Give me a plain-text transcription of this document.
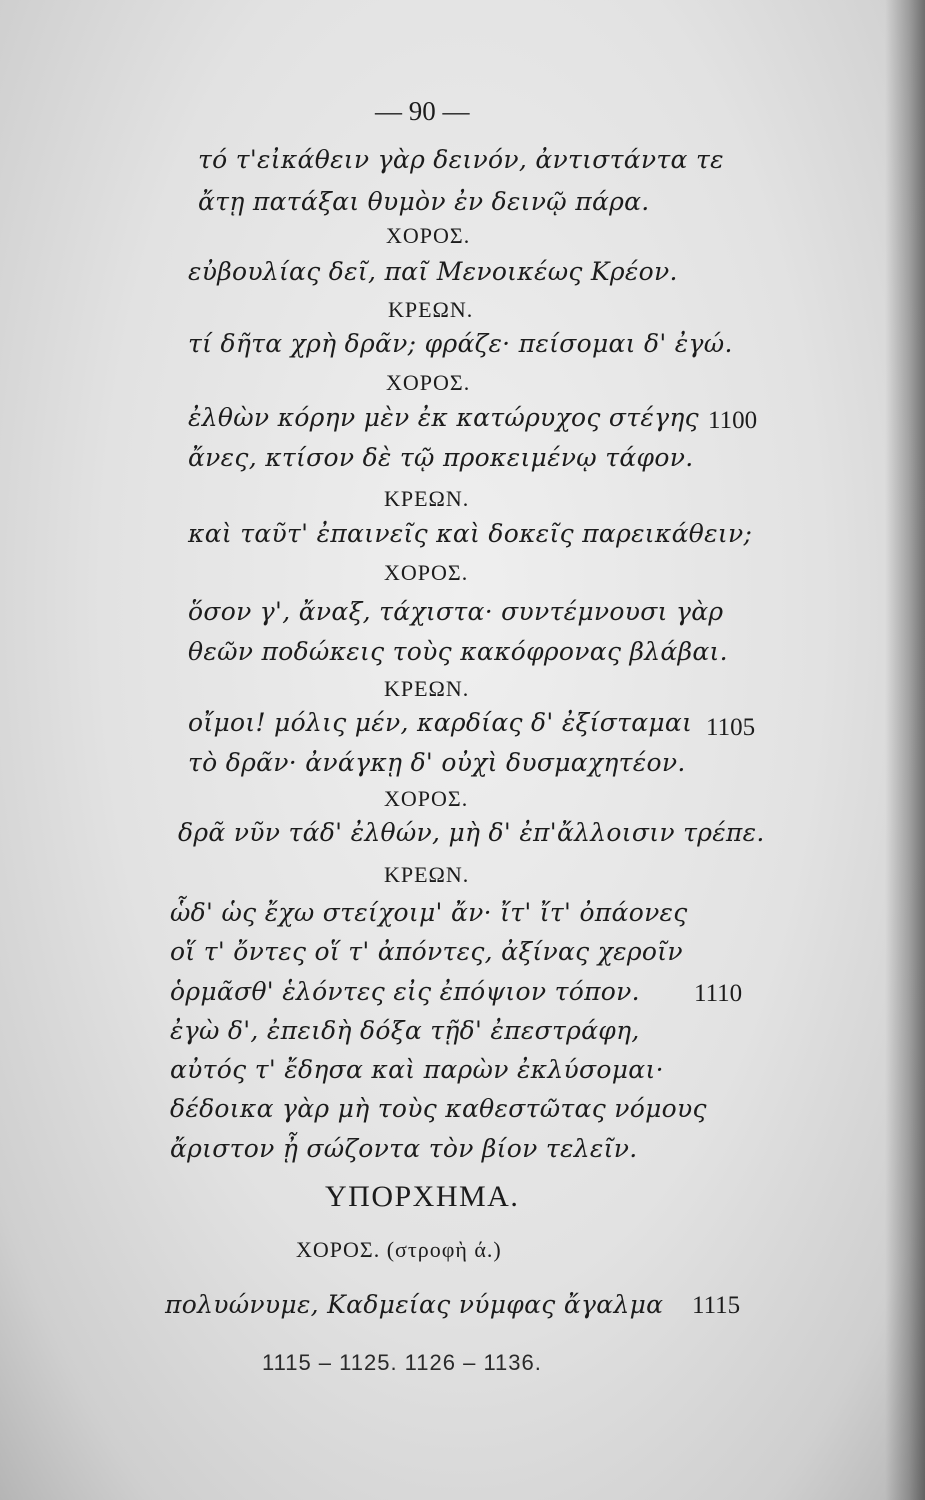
— 90 —
τό τ'εἰκάθειν γὰρ δεινόν, ἀντιστάντα τε
ἄτῃ πατάξαι θυμὸν ἐν δεινῷ πάρα.
ΧΟΡΟΣ.
εὐβουλίας δεῖ, παῖ Μενοικέως Κρέον.
ΚΡΕΩΝ.
τί δῆτα χρὴ δρᾶν; φράζε· πείσομαι δ' ἐγώ.
ΧΟΡΟΣ.
ἐλθὼν κόρην μὲν ἐκ κατώρυχος στέγης
ἄνες, κτίσον δὲ τῷ προκειμένῳ τάφον.
ΚΡΕΩΝ.
καὶ ταῦτ' ἐπαινεῖς καὶ δοκεῖς παρεικάθειν;
ΧΟΡΟΣ.
ὅσον γ', ἄναξ, τάχιστα· συντέμνουσι γὰρ
θεῶν ποδώκεις τοὺς κακόφρονας βλάβαι.
ΚΡΕΩΝ.
οἴμοι! μόλις μέν, καρδίας δ' ἐξίσταμαι
τὸ δρᾶν· ἀνάγκῃ δ' οὐχὶ δυσμαχητέον.
ΧΟΡΟΣ.
δρᾶ νῦν τάδ' ἐλθών, μὴ δ' ἐπ'ἄλλοισιν τρέπε.
ΚΡΕΩΝ.
ὧδ' ὡς ἔχω στείχοιμ' ἄν· ἴτ' ἴτ' ὀπάονες
οἵ τ' ὄντες οἵ τ' ἀπόντες, ἀξίνας χεροῖν
ὁρμᾶσθ' ἑλόντες εἰς ἐπόψιον τόπον.
ἐγὼ δ', ἐπειδὴ δόξα τῇδ' ἐπεστράφη,
αὐτός τ' ἔδησα καὶ παρὼν ἐκλύσομαι·
δέδοικα γὰρ μὴ τοὺς καθεστῶτας νόμους
ἄριστον ᾖ σώζοντα τὸν βίον τελεῖν.
ΥΠΟΡΧΗΜΑ.
ΧΟΡΟΣ. (στροφὴ ά.)
πολυώνυμε, Καδμείας νύμφας ἄγαλμα
1100
1105
1110
1115
1115 – 1125. 1126 – 1136.
